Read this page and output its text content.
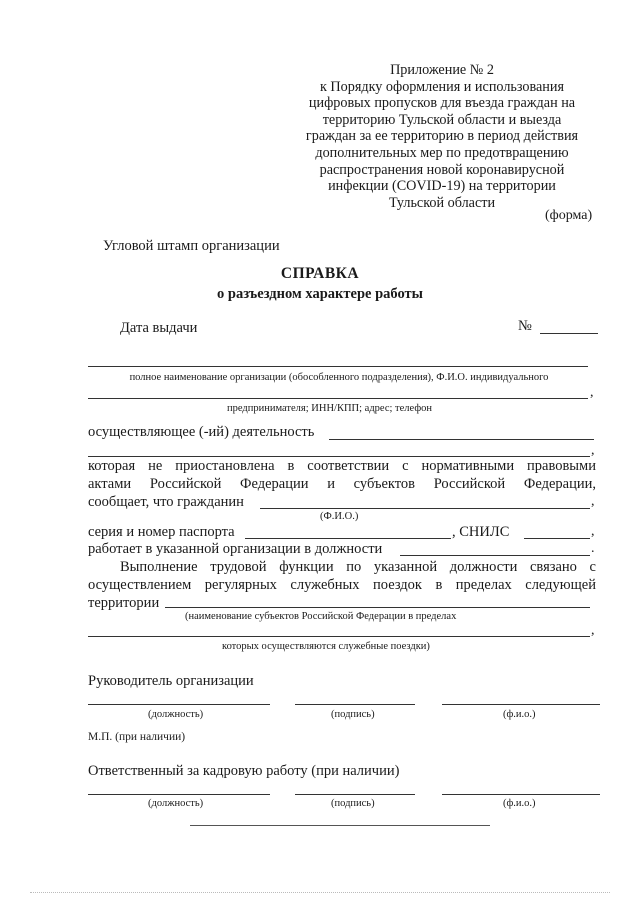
Приложение № 2
к Порядку оформления и использования
цифровых пропусков для въезда граждан на
территорию Тульской области и выезда
граждан за ее территорию в период действия
дополнительных мер по предотвращению
распространения новой коронавирусной
инфекции (COVID-19) на территории
Тульской области
(форма)
Угловой штамп организации
СПРАВКА
о разъездном характере работы
Дата выдачи	№
полное наименование организации (обособленного подразделения), Ф.И.О. индивидуального
,
предпринимателя; ИНН/КПП; адрес; телефон
осуществляющее (-ий) деятельность
,
которая не приостановлена в соответствии с нормативными правовыми
актами Российской Федерации и субъектов Российской Федерации,
сообщает, что гражданин	,
(Ф.И.О.)
серия и номер паспорта	, СНИЛС	,
работает в указанной организации в должности	.
Выполнение трудовой функции по указанной должности связано с
осуществлением регулярных служебных поездок в пределах следующей
территории
(наименование субъектов Российской Федерации в пределах
,
которых осуществляются служебные поездки)
Руководитель организации
(должность)	(подпись)	(ф.и.о.)
М.П. (при наличии)
Ответственный за кадровую работу (при наличии)
(должность)	(подпись)	(ф.и.о.)
